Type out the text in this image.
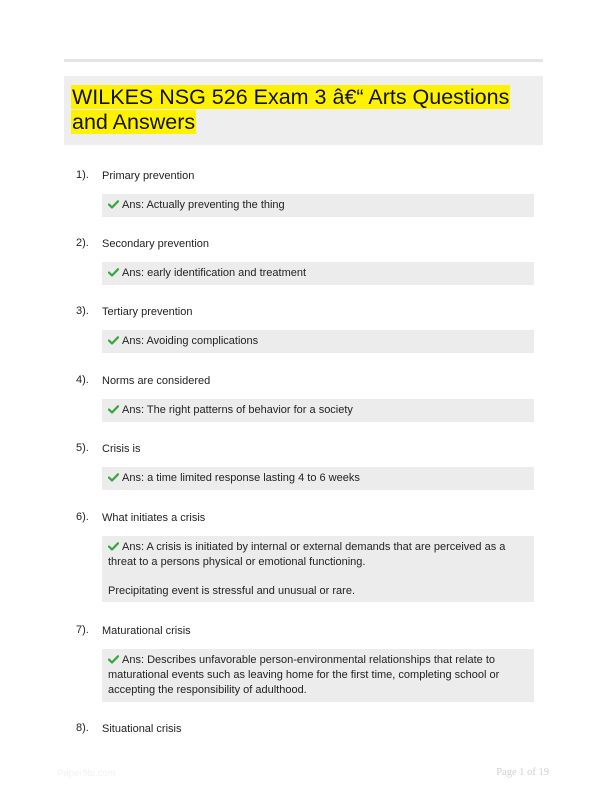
WILKES NSG 526 Exam 3 â€“ Arts Questions and Answers
1). Primary prevention

Ans: Actually preventing the thing

2). Secondary prevention

Ans: early identification and treatment

3). Tertiary prevention

Ans: Avoiding complications

4). Norms are considered

Ans: The right patterns of behavior for a society

5). Crisis is

Ans: a time limited response lasting 4 to 6 weeks

6). What initiates a crisis

Ans: A crisis is initiated by internal or external demands that are perceived as a threat to a persons physical or emotional functioning.

Precipitating event is stressful and unusual or rare.

7). Maturational crisis

Ans: Describes unfavorable person-environmental relationships that relate to maturational events such as leaving home for the first time, completing school or accepting the responsibility of adulthood.

8). Situational crisis
Paper8bi.com	Page 1 of 19
